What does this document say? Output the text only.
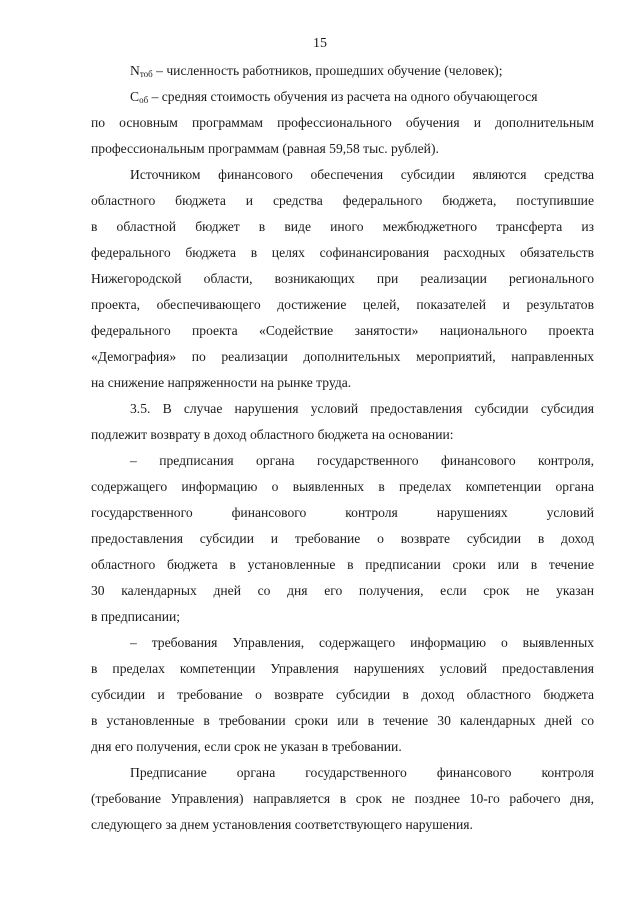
15
$N_{тоб}$ – численность работников, прошедших обучение (человек);
$С_{об}$ – средняя стоимость обучения из расчета на одного обучающегося
по основным программам профессионального обучения и дополнительным
профессиональным программам (равная 59,58 тыс. рублей).
Источником финансового обеспечения субсидии являются средства
областного бюджета и средства федерального бюджета, поступившие
в областной бюджет в виде иного межбюджетного трансферта из
федерального бюджета в целях софинансирования расходных обязательств
Нижегородской области, возникающих при реализации регионального
проекта, обеспечивающего достижение целей, показателей и результатов
федерального проекта «Содействие занятости» национального проекта
«Демография» по реализации дополнительных мероприятий, направленных
на снижение напряженности на рынке труда.
3.5. В случае нарушения условий предоставления субсидии субсидия
подлежит возврату в доход областного бюджета на основании:
– предписания органа государственного финансового контроля,
содержащего информацию о выявленных в пределах компетенции органа
государственного финансового контроля нарушениях условий
предоставления субсидии и требование о возврате субсидии в доход
областного бюджета в установленные в предписании сроки или в течение
30 календарных дней со дня его получения, если срок не указан
в предписании;
– требования Управления, содержащего информацию о выявленных
в пределах компетенции Управления нарушениях условий предоставления
субсидии и требование о возврате субсидии в доход областного бюджета
в установленные в требовании сроки или в течение 30 календарных дней со
дня его получения, если срок не указан в требовании.
Предписание органа государственного финансового контроля
(требование Управления) направляется в срок не позднее 10-го рабочего дня,
следующего за днем установления соответствующего нарушения.
